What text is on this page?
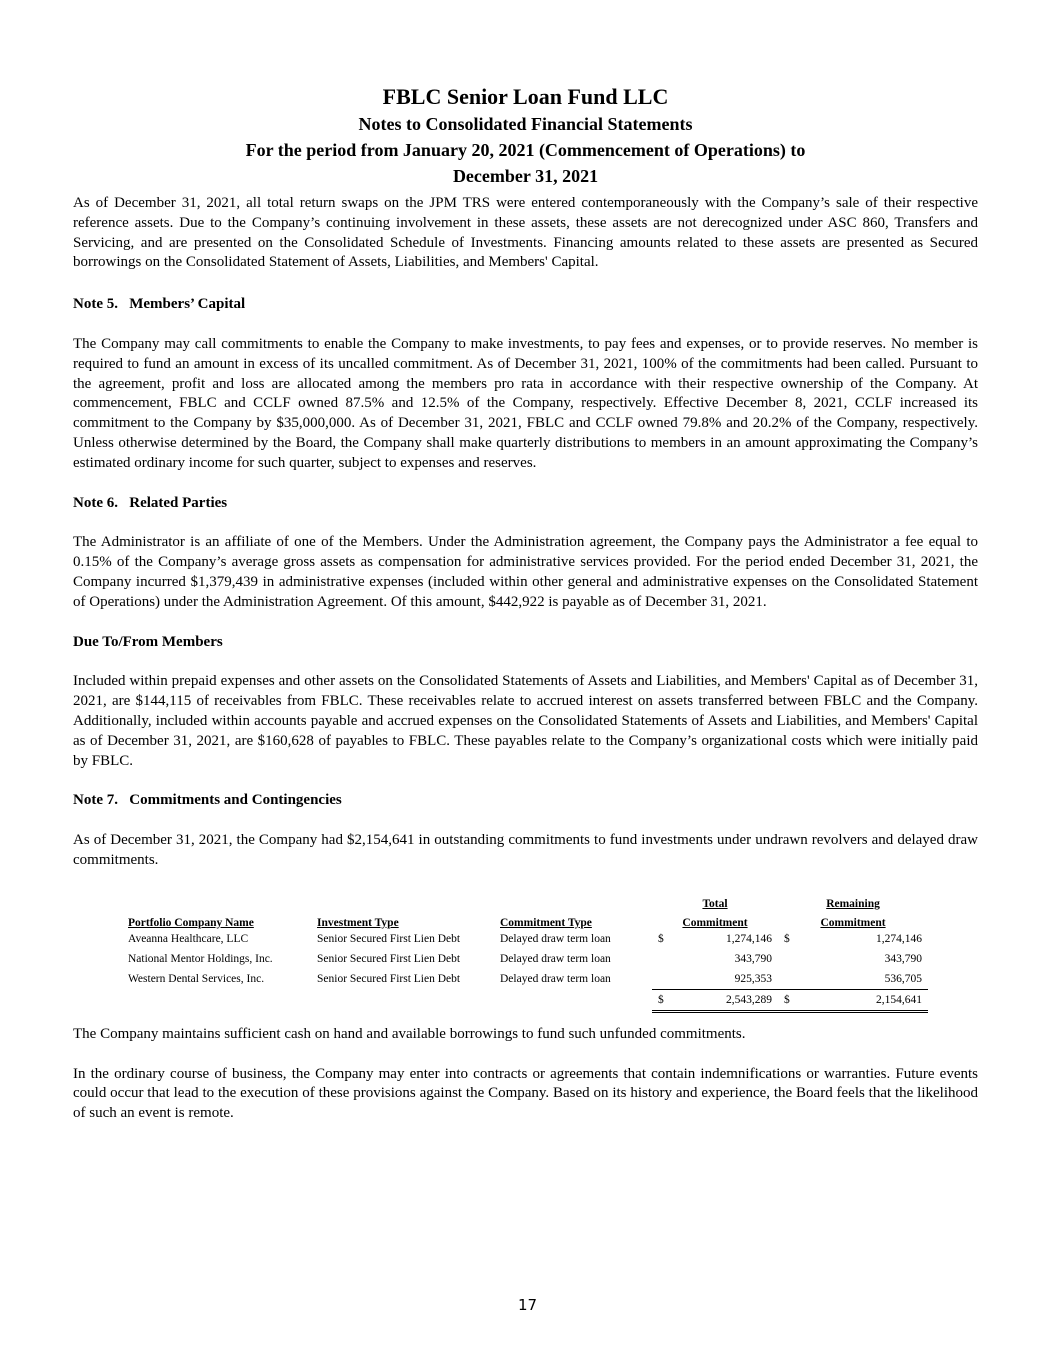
FBLC Senior Loan Fund LLC
Notes to Consolidated Financial Statements
For the period from January 20, 2021 (Commencement of Operations) to
December 31, 2021

As of December 31, 2021, all total return swaps on the JPM TRS were entered contemporaneously with the Company’s sale of their respective reference assets. Due to the Company’s continuing involvement in these assets, these assets are not derecognized under ASC 860, Transfers and Servicing, and are presented on the Consolidated Schedule of Investments. Financing amounts related to these assets are presented as Secured borrowings on the Consolidated Statement of Assets, Liabilities, and Members' Capital.

Note 5.   Members’ Capital

The Company may call commitments to enable the Company to make investments, to pay fees and expenses, or to provide reserves. No member is required to fund an amount in excess of its uncalled commitment. As of December 31, 2021, 100% of the commitments had been called. Pursuant to the agreement, profit and loss are allocated among the members pro rata in accordance with their respective ownership of the Company. At commencement, FBLC and CCLF owned 87.5% and 12.5% of the Company, respectively. Effective December 8, 2021, CCLF increased its commitment to the Company by $35,000,000. As of December 31, 2021, FBLC and CCLF owned 79.8% and 20.2% of the Company, respectively. Unless otherwise determined by the Board, the Company shall make quarterly distributions to members in an amount approximating the Company’s estimated ordinary income for such quarter, subject to expenses and reserves.

Note 6.   Related Parties

The Administrator is an affiliate of one of the Members. Under the Administration agreement, the Company pays the Administrator a fee equal to 0.15% of the Company’s average gross assets as compensation for administrative services provided. For the period ended December 31, 2021, the Company incurred $1,379,439 in administrative expenses (included within other general and administrative expenses on the Consolidated Statement of Operations) under the Administration Agreement. Of this amount, $442,922 is payable as of December 31, 2021.

Due To/From Members

Included within prepaid expenses and other assets on the Consolidated Statements of Assets and Liabilities, and Members' Capital as of December 31, 2021, are $144,115 of receivables from FBLC. These receivables relate to accrued interest on assets transferred between FBLC and the Company. Additionally, included within accounts payable and accrued expenses on the Consolidated Statements of Assets and Liabilities, and Members' Capital as of December 31, 2021, are $160,628 of payables to FBLC. These payables relate to the Company’s organizational costs which were initially paid by FBLC.

Note 7.   Commitments and Contingencies

As of December 31, 2021, the Company had $2,154,641 in outstanding commitments to fund investments under undrawn revolvers and delayed draw commitments.

			Total		Remaining	
Portfolio Company Name	Investment Type	Commitment Type	Commitment		Commitment	
Aveanna Healthcare, LLC	Senior Secured First Lien Debt	Delayed draw term loan	$	1,274,146	$	1,274,146
National Mentor Holdings, Inc.	Senior Secured First Lien Debt	Delayed draw term loan		343,790		343,790
Western Dental Services, Inc.	Senior Secured First Lien Debt	Delayed draw term loan		925,353		536,705
			$	2,543,289	$	2,154,641

The Company maintains sufficient cash on hand and available borrowings to fund such unfunded commitments.

In the ordinary course of business, the Company may enter into contracts or agreements that contain indemnifications or warranties. Future events could occur that lead to the execution of these provisions against the Company. Based on its history and experience, the Board feels that the likelihood of such an event is remote.

17
